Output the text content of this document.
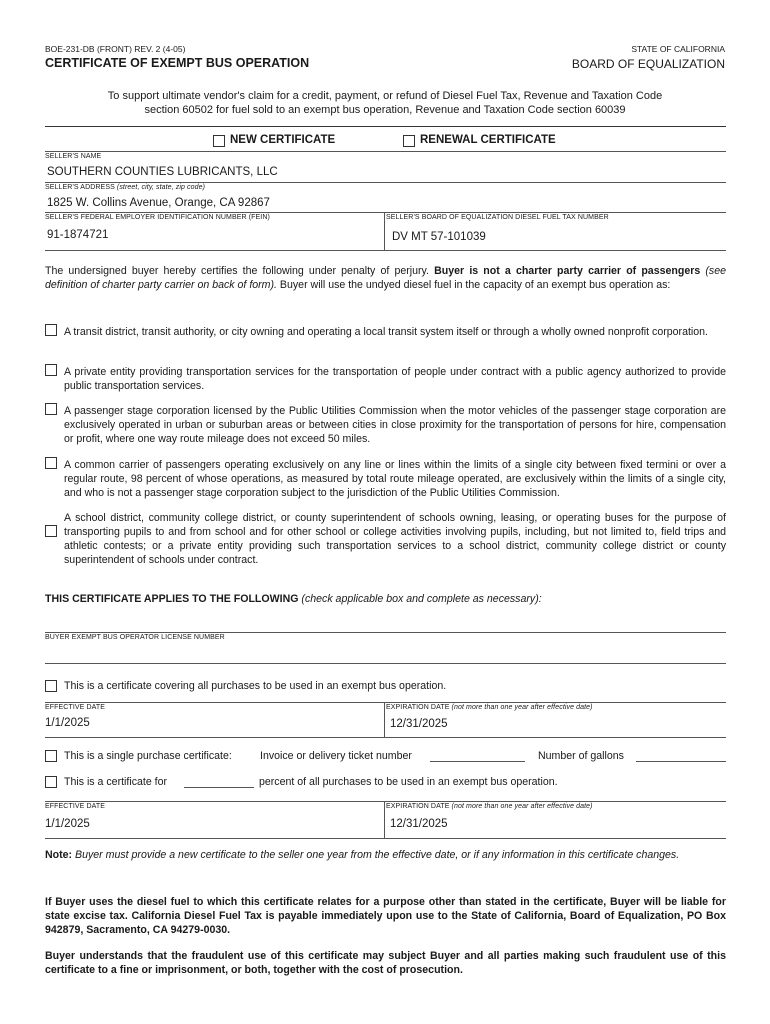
BOE-231-DB (FRONT) REV. 2 (4-05)	STATE OF CALIFORNIA
CERTIFICATE OF EXEMPT BUS OPERATION	BOARD OF EQUALIZATION
To support ultimate vendor's claim for a credit, payment, or refund of Diesel Fuel Tax, Revenue and Taxation Code
section 60502 for fuel sold to an exempt bus operation, Revenue and Taxation Code section 60039
NEW CERTIFICATE	RENEWAL CERTIFICATE
SELLER'S NAME
SOUTHERN COUNTIES LUBRICANTS, LLC
SELLER'S ADDRESS (street, city, state, zip code)
1825 W. Collins Avenue, Orange, CA 92867
SELLER'S FEDERAL EMPLOYER IDENTIFICATION NUMBER (FEIN)	SELLER'S BOARD OF EQUALIZATION DIESEL FUEL TAX NUMBER
91-1874721	DV MT 57-101039
The undersigned buyer hereby certifies the following under penalty of perjury. Buyer is not a charter party carrier of passengers (see definition of charter party carrier on back of form). Buyer will use the undyed diesel fuel in the capacity of an exempt bus operation as:
A transit district, transit authority, or city owning and operating a local transit system itself or through a wholly owned nonprofit corporation.
A private entity providing transportation services for the transportation of people under contract with a public agency authorized to provide public transportation services.
A passenger stage corporation licensed by the Public Utilities Commission when the motor vehicles of the passenger stage corporation are exclusively operated in urban or suburban areas or between cities in close proximity for the transportation of persons for hire, compensation or profit, where one way route mileage does not exceed 50 miles.
A common carrier of passengers operating exclusively on any line or lines within the limits of a single city between fixed termini or over a regular route, 98 percent of whose operations, as measured by total route mileage operated, are exclusively within the limits of a single city, and who is not a passenger stage corporation subject to the jurisdiction of the Public Utilities Commission.
A school district, community college district, or county superintendent of schools owning, leasing, or operating buses for the purpose of transporting pupils to and from school and for other school or college activities involving pupils, including, but not limited to, field trips and athletic contests; or a private entity providing such transportation services to a school district, community college district or county superintendent of schools under contract.
THIS CERTIFICATE APPLIES TO THE FOLLOWING (check applicable box and complete as necessary):
BUYER EXEMPT BUS OPERATOR LICENSE NUMBER
This is a certificate covering all purchases to be used in an exempt bus operation.
EFFECTIVE DATE	EXPIRATION DATE (not more than one year after effective date)
1/1/2025	12/31/2025
This is a single purchase certificate:	Invoice or delivery ticket number	Number of gallons
This is a certificate for	percent of all purchases to be used in an exempt bus operation.
EFFECTIVE DATE	EXPIRATION DATE (not more than one year after effective date)
1/1/2025	12/31/2025
Note: Buyer must provide a new certificate to the seller one year from the effective date, or if any information in this certificate changes.
If Buyer uses the diesel fuel to which this certificate relates for a purpose other than stated in the certificate, Buyer will be liable for state excise tax. California Diesel Fuel Tax is payable immediately upon use to the State of California, Board of Equalization, PO Box 942879, Sacramento, CA 94279-0030.
Buyer understands that the fraudulent use of this certificate may subject Buyer and all parties making such fraudulent use of this certificate to a fine or imprisonment, or both, together with the cost of prosecution.
